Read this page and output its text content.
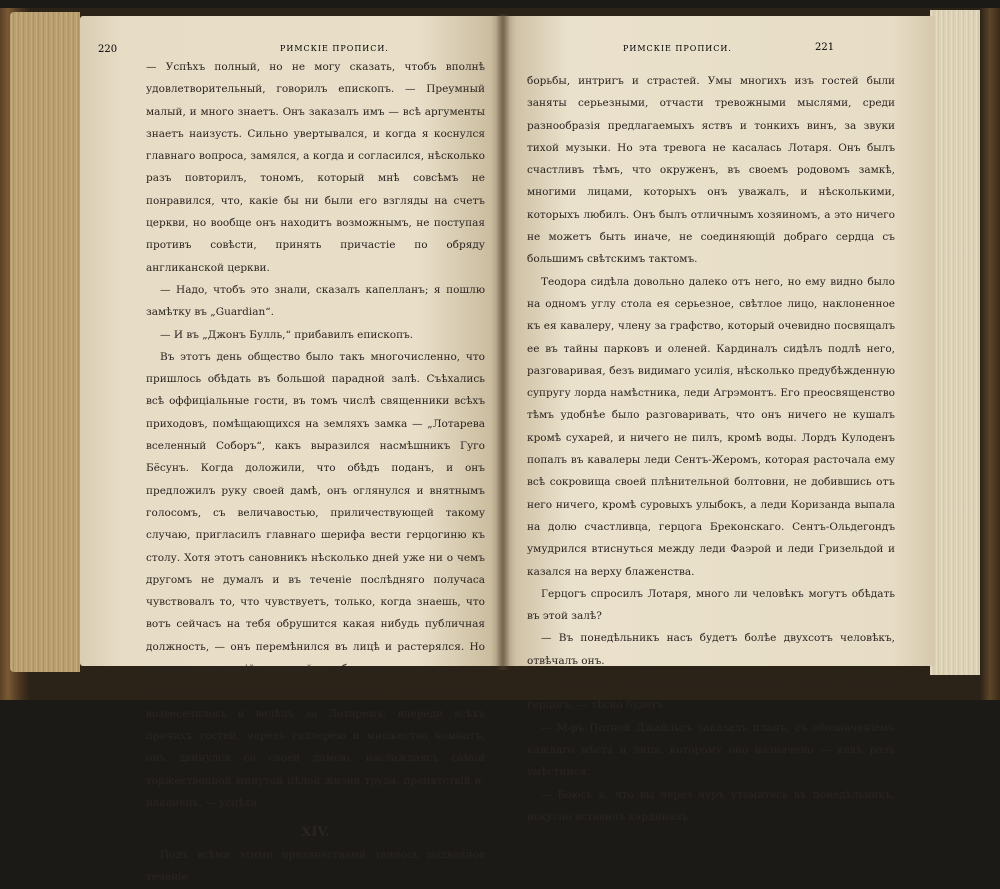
— Успѣхъ полный, но не могу сказать, чтобъ вполнѣ удовлетворительный, говорилъ епископъ. — Преумный малый, и много знаетъ. Онъ заказалъ имъ — всѣ аргументы знаетъ наизусть. Сильно увертывался, и когда я коснулся главнаго вопроса, замялся, а когда и согласился, нѣсколько разъ повторилъ, тономъ, который мнѣ совсѣмъ не понравился, что, какіе бы ни были его взгляды на счетъ церкви, но вообще онъ находитъ возможнымъ, не поступая противъ совѣсти, принять причастіе по обряду англиканской церкви.

— Надо, чтобъ это знали, сказалъ капелланъ; я пошлю замѣтку въ „Guardian“.

— И въ „Джонъ Булль,“ прибавилъ епископъ.

Въ этотъ день общество было такъ многочисленно, что пришлось обѣдать въ большой парадной залѣ. Съѣхались всѣ оффиціальные гости, въ томъ числѣ священники всѣхъ приходовъ, помѣщающихся на земляхъ замка — „Лотарева вселенный Соборъ“, какъ выразился насмѣшникъ Гуго Бёсунъ. Когда доложили, что обѣдъ поданъ, и онъ предложилъ руку своей дамѣ, онъ оглянулся и внятнымъ голосомъ, съ величавостью, приличествующей такому случаю, пригласилъ главнаго шерифа вести герцогиню къ столу. Хотя этотъ сановникъ нѣсколько дней уже ни о чемъ другомъ не думалъ и въ теченіе послѣдняго получаса чувствовалъ то, что чувствуетъ, только, когда знаешь, что вотъ сейчасъ на тебя обрушится какая нибудь публичная должность, — онъ перемѣнился въ лицѣ и растерялся. Но оркестръ, ждавшій у дверей, чтобы идти въ столовую во главѣ процессіи, въ эту минуту заигралъ, сердце въ немъ возвеселилось и велѣлъ за Лотаремъ, впереди всѣхъ прочихъ гостей, черезъ галлерею и множество комнатъ, онъ двинулся со своей дамою, наслаждаясь самой торжественной минутой цѣлой жизни труда, препятствій и, наконецъ, — успѣха.

XIV.

Подъ всѣми этими празднествами таилось подводное теченіе

борьбы, интригъ и страстей. Умы многихъ изъ гостей были заняты серьезными, отчасти тревожными мыслями, среди разнообразія предлагаемыхъ яствъ и тонкихъ винъ, за звуки тихой музыки. Но эта тревога не касалась Лотаря. Онъ былъ счастливъ тѣмъ, что окруженъ, въ своемъ родовомъ замкѣ, многими лицами, которыхъ онъ уважалъ, и нѣсколькими, которыхъ любилъ. Онъ былъ отличнымъ хозяиномъ, а это ничего не можетъ быть иначе, не соединяющій добраго сердца съ большимъ свѣтскимъ тактомъ.

Теодора сидѣла довольно далеко отъ него, но ему видно было на одномъ углу стола ея серьезное, свѣтлое лицо, наклоненное къ ея кавалеру, члену за графство, который очевидно посвящалъ ее въ тайны парковъ и оленей. Кардиналъ сидѣлъ подлѣ него, разговаривая, безъ видимаго усилія, нѣсколько предубѣжденную супругу лорда намѣстника, леди Агрэмонтъ. Его преосвященство тѣмъ удобнѣе было разговаривать, что онъ ничего не кушалъ кромѣ сухарей, и ничего не пилъ, кромѣ воды. Лордъ Кулоденъ попалъ въ кавалеры леди Сентъ-Жеромъ, которая расточала ему всѣ сокровища своей плѣнительной болтовни, не добившись отъ него ничего, кромѣ суровыхъ улыбокъ, а леди Коризанда выпала на долю счастливца, герцога Бреконскаго. Сентъ-Ольдегондъ умудрился втиснуться между леди Фаэрой и леди Гризельдой и казался на верху блаженства.

Герцогъ спросилъ Лотаря, много ли человѣкъ могутъ обѣдать въ этой залѣ?

— Въ понедѣльникъ насъ будетъ болѣе двухсотъ человѣкъ, отвѣчалъ онъ.

— Сегодня, кажется, нѣтъ и трети этого числа, замѣтилъ герцогъ, — тѣсно будетъ.

— М-ръ Потней Джайльсъ заказалъ планъ, съ обозначеніемъ каждаго мѣста и лица, которому оно назначено — какъ разъ умѣстимся.

— Боюсь я, что вы через чуръ утомитесь въ понедѣльникъ, искусно вставилъ кардиналъ.

220	РИМСКІЕ ПРОПИСИ.	РИМСКІЕ ПРОПИСИ.	221
